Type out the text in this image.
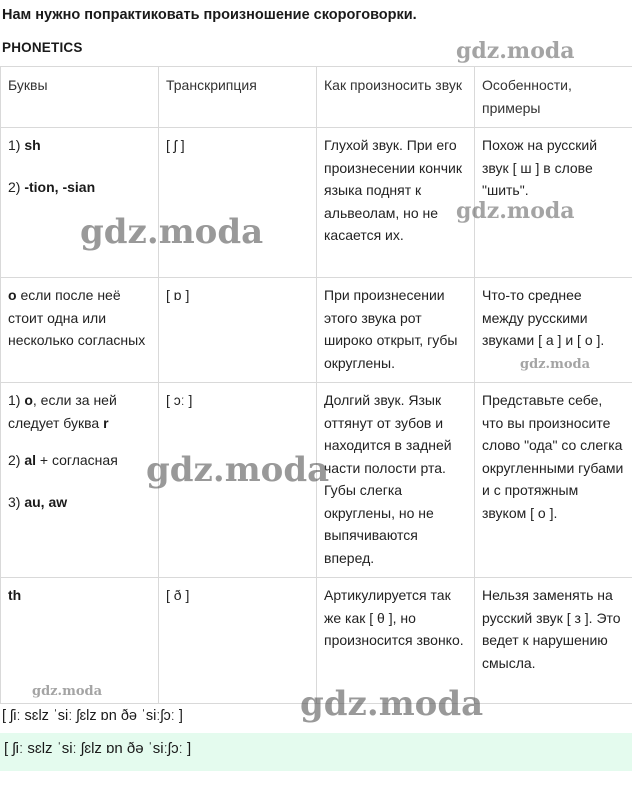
Нам нужно попрактиковать произношение скороговорки.
PHONETICS
Буквы	Транскрипция	Как произносить звук	Особенности, примеры

1) sh

2) -tion, -sian	[ ʃ ]	Глухой звук. При его произнесении кончик языка поднят к альвеолам, но не касается их.	Похож на русский звук [ ш ] в слове "шить".
o если после неё стоит одна или несколько согласных	[ ɒ ]	При произнесении этого звука рот широко открыт, губы округлены.	Что-то среднее между русскими звуками [ а ] и [ о ].

1) o, если за ней следует буква r

2) al + согласная

3) au, aw	[ ɔː ]	Долгий звук. Язык оттянут от зубов и находится в задней части полости рта. Губы слегка округлены, но не выпячиваются вперед.	Представьте себе, что вы произносите слово "ода" со слегка округленными губами и с протяжным звуком [ о ].
th	[ ð ]	Артикулируется так же как [ θ ], но произносится звонко.	Нельзя заменять на русский звук [ з ]. Это ведет к нарушению смысла.
[ ʃiː sɛlz ˈsiː ʃɛlz ɒn ðə ˈsiːʃɔː ]
[ ʃiː sɛlz ˈsiː ʃɛlz ɒn ðə ˈsiːʃɔː ]
gdz.moda
gdz.moda
gdz.moda
gdz.moda
gdz.moda
gdz.moda	gdz.moda
